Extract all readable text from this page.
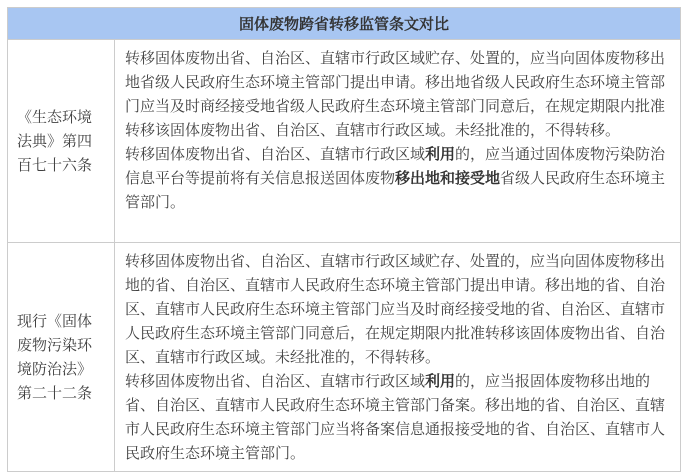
固体废物跨省转移监管条文对比
《生态环境法典》第四百七十六条

转移固体废物出省、自治区、直辖市行政区域贮存、处置的，应当向固体废物移出地省级人民政府生态环境主管部门提出申请。移出地省级人民政府生态环境主管部门应当及时商经接受地省级人民政府生态环境主管部门同意后，在规定期限内批准转移该固体废物出省、自治区、直辖市行政区域。未经批准的，不得转移。

转移固体废物出省、自治区、直辖市行政区域利用的，应当通过固体废物污染防治信息平台等提前将有关信息报送固体废物移出地和接受地省级人民政府生态环境主管部门。

现行《固体废物污染环境防治法》第二十二条

转移固体废物出省、自治区、直辖市行政区域贮存、处置的，应当向固体废物移出地的省、自治区、直辖市人民政府生态环境主管部门提出申请。移出地的省、自治区、直辖市人民政府生态环境主管部门应当及时商经接受地的省、自治区、直辖市人民政府生态环境主管部门同意后，在规定期限内批准转移该固体废物出省、自治区、直辖市行政区域。未经批准的，不得转移。

转移固体废物出省、自治区、直辖市行政区域利用的，应当报固体废物移出地的省、自治区、直辖市人民政府生态环境主管部门备案。移出地的省、自治区、直辖市人民政府生态环境主管部门应当将备案信息通报接受地的省、自治区、直辖市人民政府生态环境主管部门。
